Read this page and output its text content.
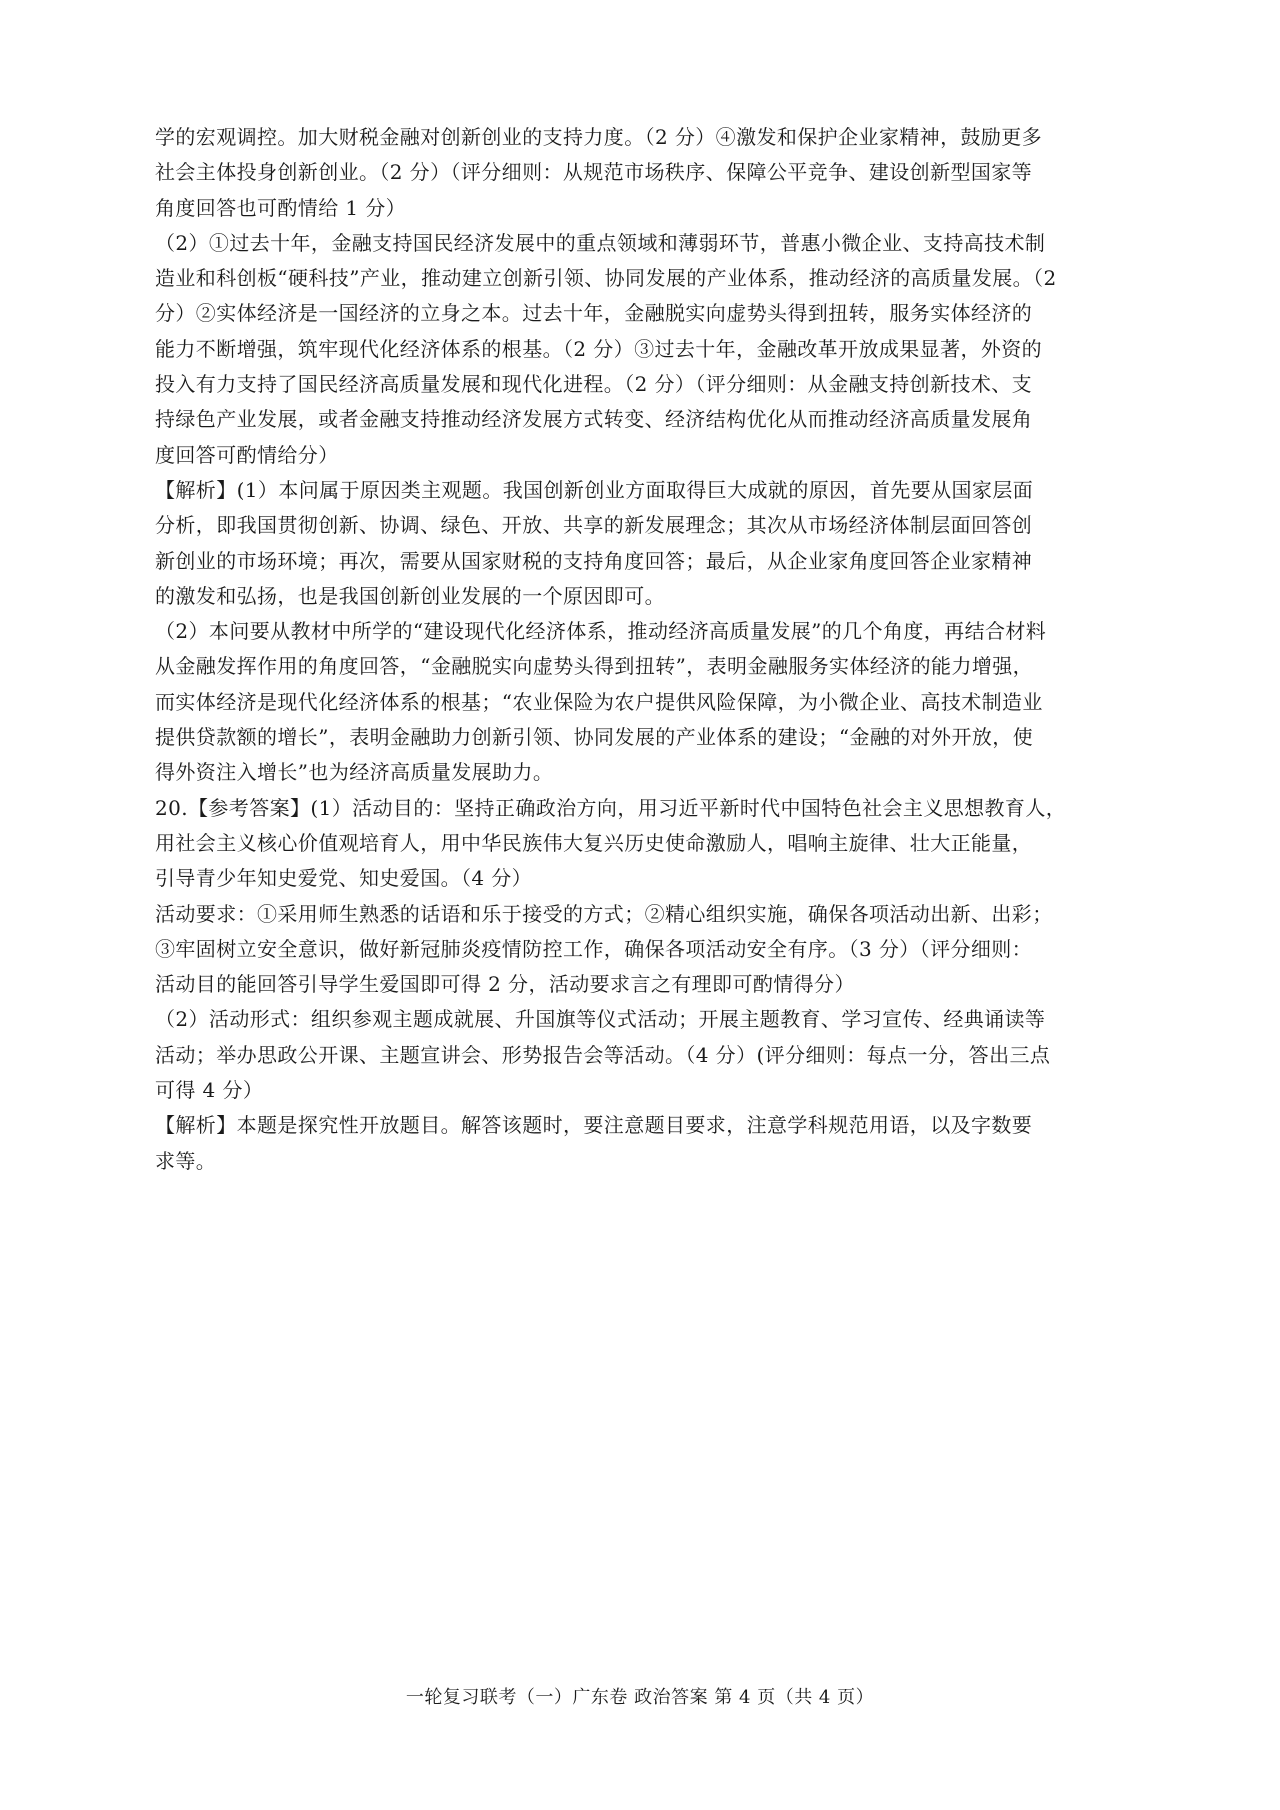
学的宏观调控。加大财税金融对创新创业的支持力度。（2 分）④激发和保护企业家精神，鼓励更多
社会主体投身创新创业。（2 分）（评分细则：从规范市场秩序、保障公平竞争、建设创新型国家等
角度回答也可酌情给 1 分）
（2）①过去十年，金融支持国民经济发展中的重点领域和薄弱环节，普惠小微企业、支持高技术制
造业和科创板“硬科技”产业，推动建立创新引领、协同发展的产业体系，推动经济的高质量发展。（2
分）②实体经济是一国经济的立身之本。过去十年，金融脱实向虚势头得到扭转，服务实体经济的
能力不断增强，筑牢现代化经济体系的根基。（2 分）③过去十年，金融改革开放成果显著，外资的
投入有力支持了国民经济高质量发展和现代化进程。（2 分）（评分细则：从金融支持创新技术、支
持绿色产业发展，或者金融支持推动经济发展方式转变、经济结构优化从而推动经济高质量发展角
度回答可酌情给分）
【解析】(1）本问属于原因类主观题。我国创新创业方面取得巨大成就的原因，首先要从国家层面
分析，即我国贯彻创新、协调、绿色、开放、共享的新发展理念；其次从市场经济体制层面回答创
新创业的市场环境；再次，需要从国家财税的支持角度回答；最后，从企业家角度回答企业家精神
的激发和弘扬，也是我国创新创业发展的一个原因即可。
（2）本问要从教材中所学的“建设现代化经济体系，推动经济高质量发展”的几个角度，再结合材料
从金融发挥作用的角度回答，“金融脱实向虚势头得到扭转”，表明金融服务实体经济的能力增强，
而实体经济是现代化经济体系的根基；“农业保险为农户提供风险保障，为小微企业、高技术制造业
提供贷款额的增长”，表明金融助力创新引领、协同发展的产业体系的建设；“金融的对外开放，使
得外资注入增长”也为经济高质量发展助力。
20.【参考答案】(1）活动目的：坚持正确政治方向，用习近平新时代中国特色社会主义思想教育人，
用社会主义核心价值观培育人，用中华民族伟大复兴历史使命激励人，唱响主旋律、壮大正能量，
引导青少年知史爱党、知史爱国。（4 分）
活动要求：①采用师生熟悉的话语和乐于接受的方式；②精心组织实施，确保各项活动出新、出彩；
③牢固树立安全意识，做好新冠肺炎疫情防控工作，确保各项活动安全有序。（3 分）（评分细则：
活动目的能回答引导学生爱国即可得 2 分，活动要求言之有理即可酌情得分）
（2）活动形式：组织参观主题成就展、升国旗等仪式活动；开展主题教育、学习宣传、经典诵读等
活动；举办思政公开课、主题宣讲会、形势报告会等活动。（4 分）(评分细则：每点一分，答出三点
可得 4 分）
【解析】本题是探究性开放题目。解答该题时，要注意题目要求，注意学科规范用语，以及字数要
求等。
一轮复习联考（一）广东卷 政治答案 第 4 页（共 4 页）
